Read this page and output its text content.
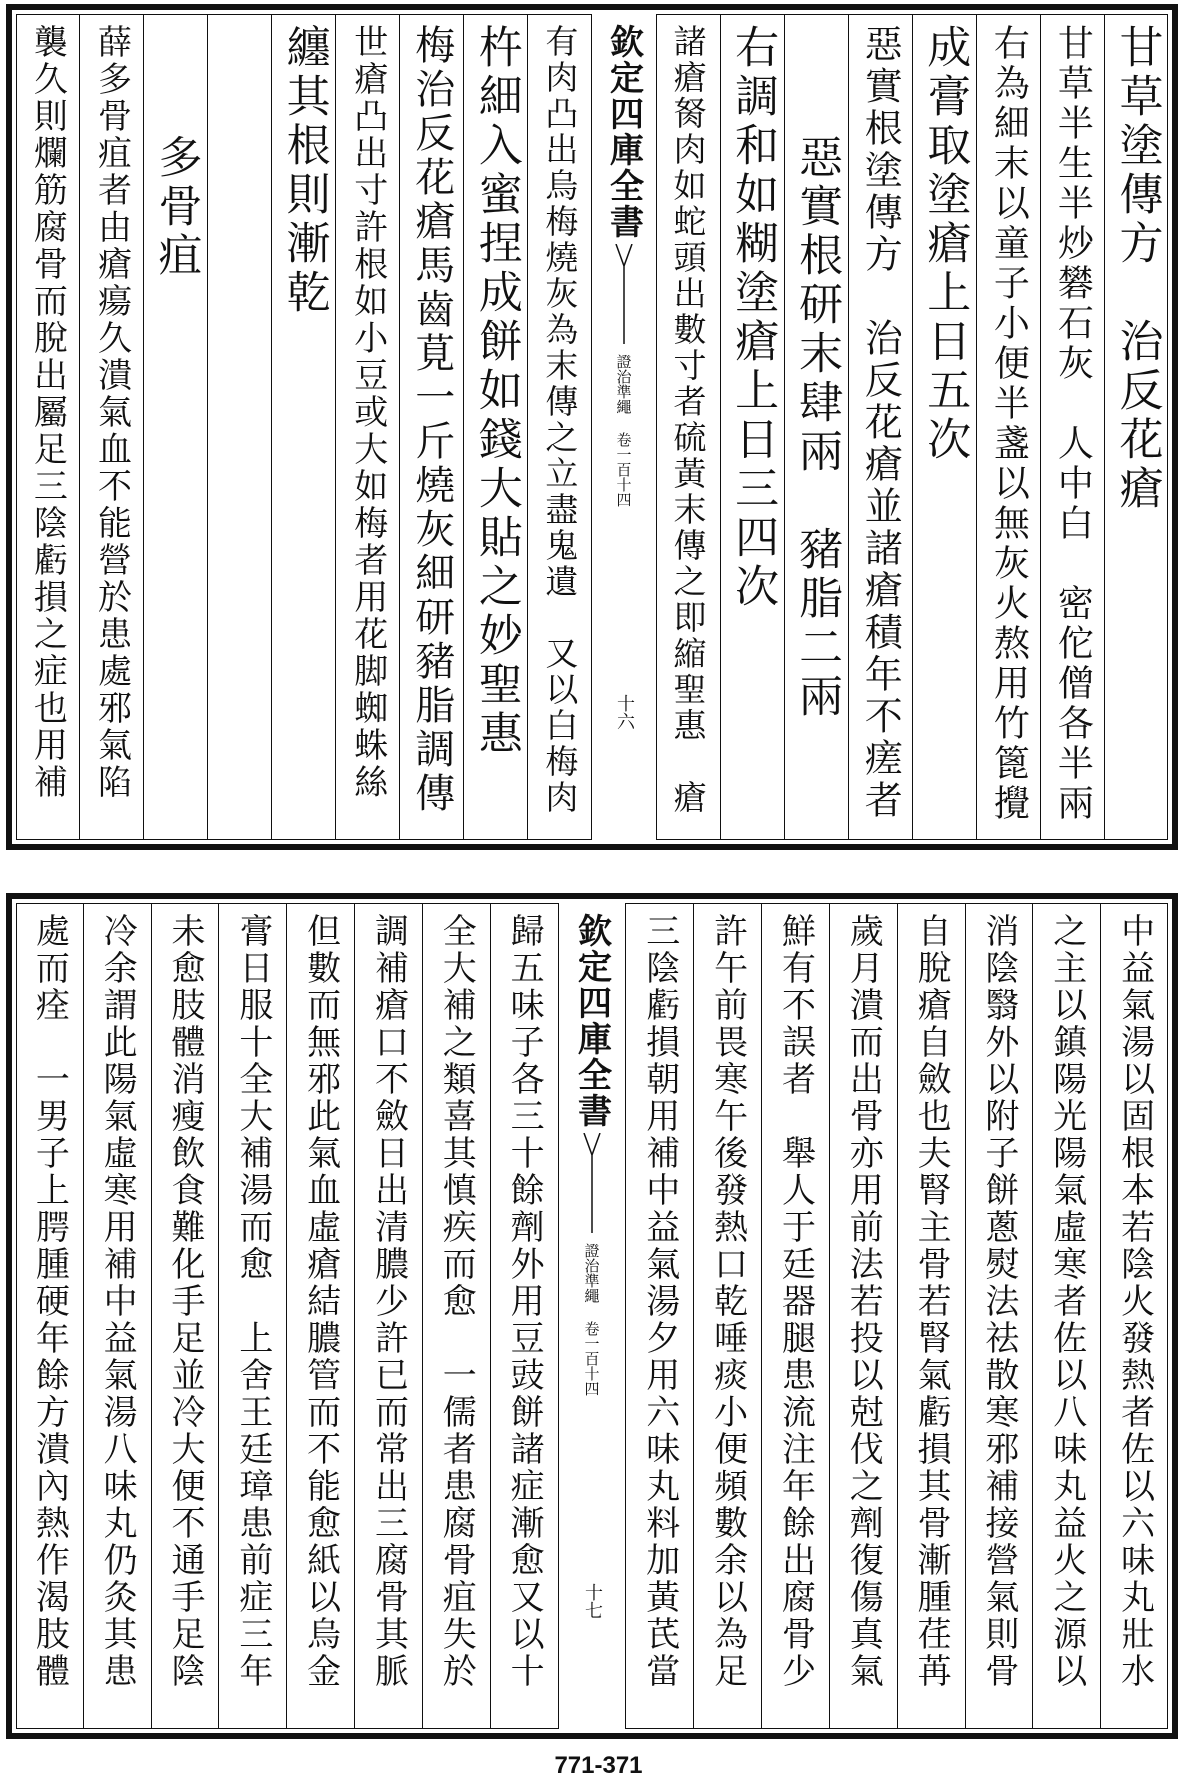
甘草塗傳方　治反花瘡
甘草半生半炒礬石灰　人中白　密佗僧各半兩
右為細末以童子小便半盞以無灰火熬用竹篦攪
成膏取塗瘡上日五次
惡實根塗傳方　治反花瘡並諸瘡積年不瘥者
惡實根研末肆兩　豬脂二兩
右調和如糊塗瘡上日三四次
諸瘡胬肉如蛇頭出數寸者硫黃末傳之即縮聖惠　瘡
欽定四庫全書
證治準繩 卷一百十四
十六
有肉凸出烏梅燒灰為末傳之立盡鬼遺　又以白梅肉
杵細入蜜捏成餅如錢大貼之妙聖惠
梅治反花瘡馬齒莧一斤燒灰細研豬脂調傳
世瘡凸出寸許根如小豆或大如梅者用花脚蜘蛛絲
纏其根則漸乾
多骨疽
薛多骨疽者由瘡瘍久潰氣血不能營於患處邪氣陷
襲久則爛筋腐骨而脫出屬足三陰虧損之症也用補
中益氣湯以固根本若陰火發熱者佐以六味丸壯水
之主以鎮陽光陽氣虛寒者佐以八味丸益火之源以
消陰翳外以附子餅蔥熨法祛散寒邪補接營氣則骨
自脫瘡自斂也夫腎主骨若腎氣虧損其骨漸腫荏苒
歲月潰而出骨亦用前法若投以尅伐之劑復傷真氣
鮮有不誤者　舉人于廷器腿患流注年餘出腐骨少
許午前畏寒午後發熱口乾唾痰小便頻數余以為足
三陰虧損朝用補中益氣湯夕用六味丸料加黃芪當
欽定四庫全書
證治準繩 卷一百十四
十七
歸五味子各三十餘劑外用豆豉餅諸症漸愈又以十
全大補之類喜其慎疾而愈　一儒者患腐骨疽失於
調補瘡口不斂日出清膿少許已而常出三腐骨其脈
但數而無邪此氣血虛瘡結膿管而不能愈紙以烏金
膏日服十全大補湯而愈　上舍王廷璋患前症三年
未愈肢體消瘦飲食難化手足並冷大便不通手足陰
冷余謂此陽氣虛寒用補中益氣湯八味丸仍灸其患
處而痊　一男子上腭腫硬年餘方潰內熱作渴肢體
771-371
